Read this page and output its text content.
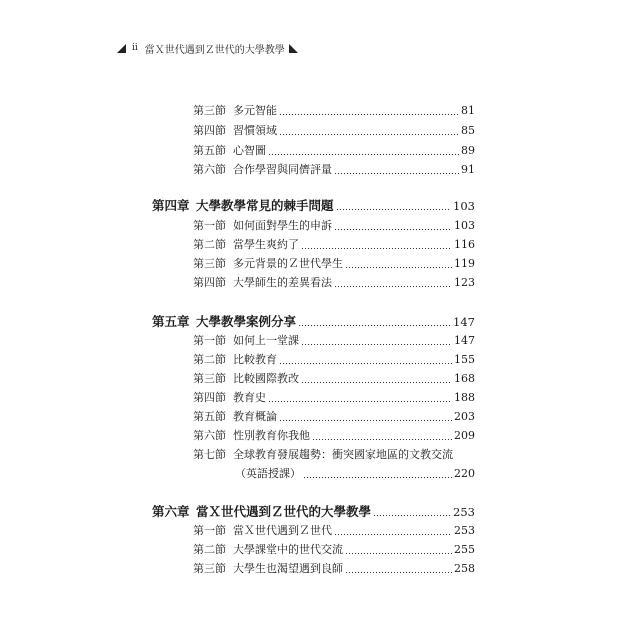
ii 當Ｘ世代遇到Ｚ世代的大學教學
第三節 多元智能	81
第四節 習慣領域	85
第五節 心智圖	89
第六節 合作學習與同儕評量	91
第四章 大學教學常見的棘手問題	103
第一節 如何面對學生的申訴	103
第二節 當學生爽約了	116
第三節 多元背景的Ｚ世代學生	119
第四節 大學師生的差異看法	123
第五章 大學教學案例分享	147
第一節 如何上一堂課	147
第二節 比較教育	155
第三節 比較國際教改	168
第四節 教育史	188
第五節 教育概論	203
第六節 性別教育你我他	209
第七節 全球教育發展趨勢：衝突國家地區的文教交流
（英語授課）	220
第六章 當Ｘ世代遇到Ｚ世代的大學教學	253
第一節 當Ｘ世代遇到Ｚ世代	253
第二節 大學課堂中的世代交流	255
第三節 大學生也渴望遇到良師	258
